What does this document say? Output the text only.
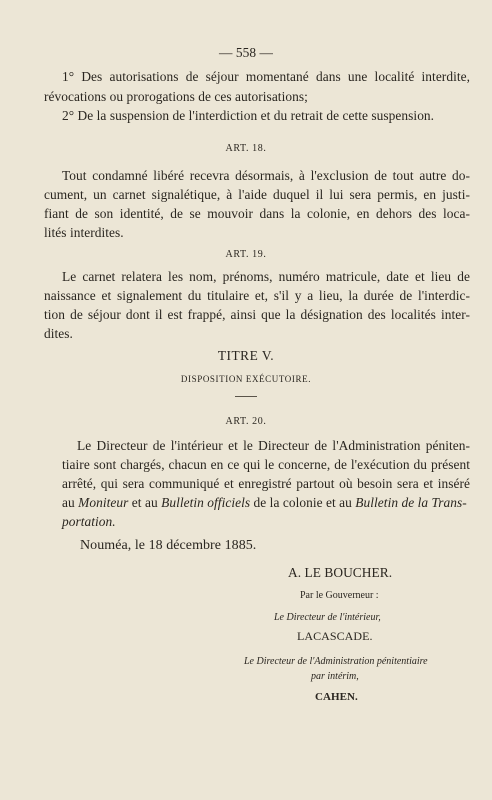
— 558 —
1° Des autorisations de séjour momentané dans une localité interdite,
révocations ou prorogations de ces autorisations;
2° De la suspension de l'interdiction et du retrait de cette suspension.
ART. 18.
Tout condamné libéré recevra désormais, à l'exclusion de tout autre do-
cument, un carnet signalétique, à l'aide duquel il lui sera permis, en justi-
fiant de son identité, de se mouvoir dans la colonie, en dehors des loca-
lités interdites.
ART. 19.
Le carnet relatera les nom, prénoms, numéro matricule, date et lieu de
naissance et signalement du titulaire et, s'il y a lieu, la durée de l'interdic-
tion de séjour dont il est frappé, ainsi que la désignation des localités inter-
dites.
TITRE V.
DISPOSITION EXÉCUTOIRE.
ART. 20.
Le Directeur de l'intérieur et le Directeur de l'Administration péniten-
tiaire sont chargés, chacun en ce qui le concerne, de l'exécution du présent
arrêté, qui sera communiqué et enregistré partout où besoin sera et inséré
au Moniteur et au Bulletin officiels de la colonie et au Bulletin de la Trans-
portation.
Nouméa, le 18 décembre 1885.
A. LE BOUCHER.
Par le Gouverneur :
Le Directeur de l'intérieur,
LACASCADE.
Le Directeur de l'Administration pénitentiaire
par intérim,
CAHEN.
